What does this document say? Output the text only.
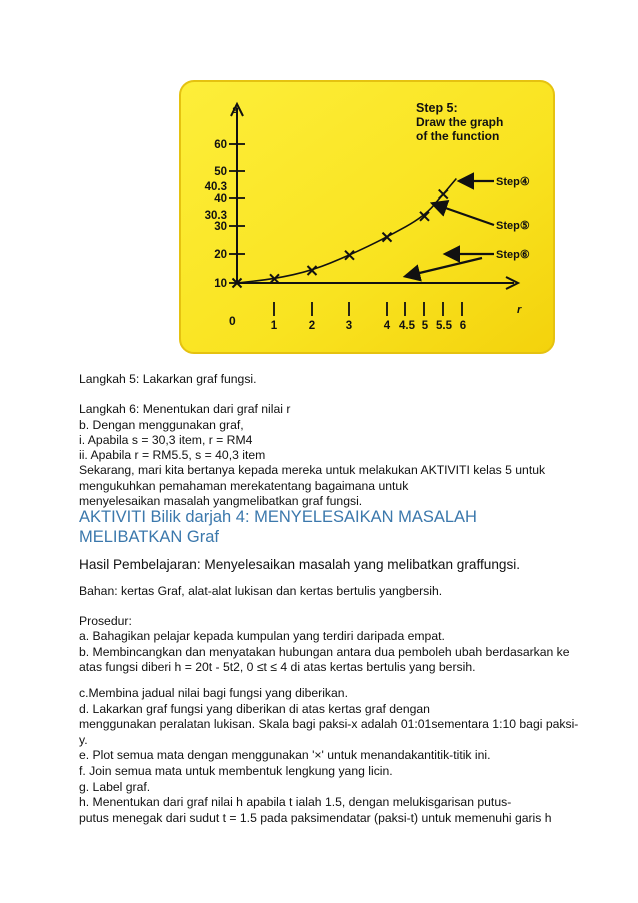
s
r
0
60
50
40.3
40
30.3
30
20
10
1	2	3	4 4.5 5 5.5 6
Step 5:
Draw the graph
of the function
Step④
Step⑤
Step⑥

Langkah 5: Lakarkan graf fungsi.

Langkah 6: Menentukan dari graf nilai r

b. Dengan menggunakan graf,

i. Apabila s = 30,3 item, r = RM4

ii. Apabila r = RM5.5, s = 40,3 item

Sekarang, mari kita bertanya kepada mereka untuk melakukan AKTIVITI kelas 5 untuk

mengukuhkan pemahaman merekatentang bagaimana untuk

menyelesaikan masalah yangmelibatkan graf fungsi.

AKTIVITI Bilik darjah 4: MENYELESAIKAN MASALAH

MELIBATKAN Graf

Hasil Pembelajaran: Menyelesaikan masalah yang melibatkan graffungsi.

Bahan: kertas Graf, alat-alat lukisan dan kertas bertulis yangbersih.

Prosedur:

a. Bahagikan pelajar kepada kumpulan yang terdiri daripada empat.

b. Membincangkan dan menyatakan hubungan antara dua pemboleh ubah berdasarkan ke

atas fungsi diberi h = 20t - 5t2, 0 ≤t ≤ 4 di atas kertas bertulis yang bersih.

c.Membina jadual nilai bagi fungsi yang diberikan.

d. Lakarkan graf fungsi yang diberikan di atas kertas graf dengan

menggunakan peralatan lukisan. Skala bagi paksi-x adalah 01:01sementara 1:10 bagi paksi-

y.

e. Plot semua mata dengan menggunakan '×' untuk menandakantitik-titik ini.

f. Join semua mata untuk membentuk lengkung yang licin.

g. Label graf.

h. Menentukan dari graf nilai h apabila t ialah 1.5, dengan melukisgarisan putus-

putus menegak dari sudut t = 1.5 pada paksimendatar (paksi-t) untuk memenuhi garis h
